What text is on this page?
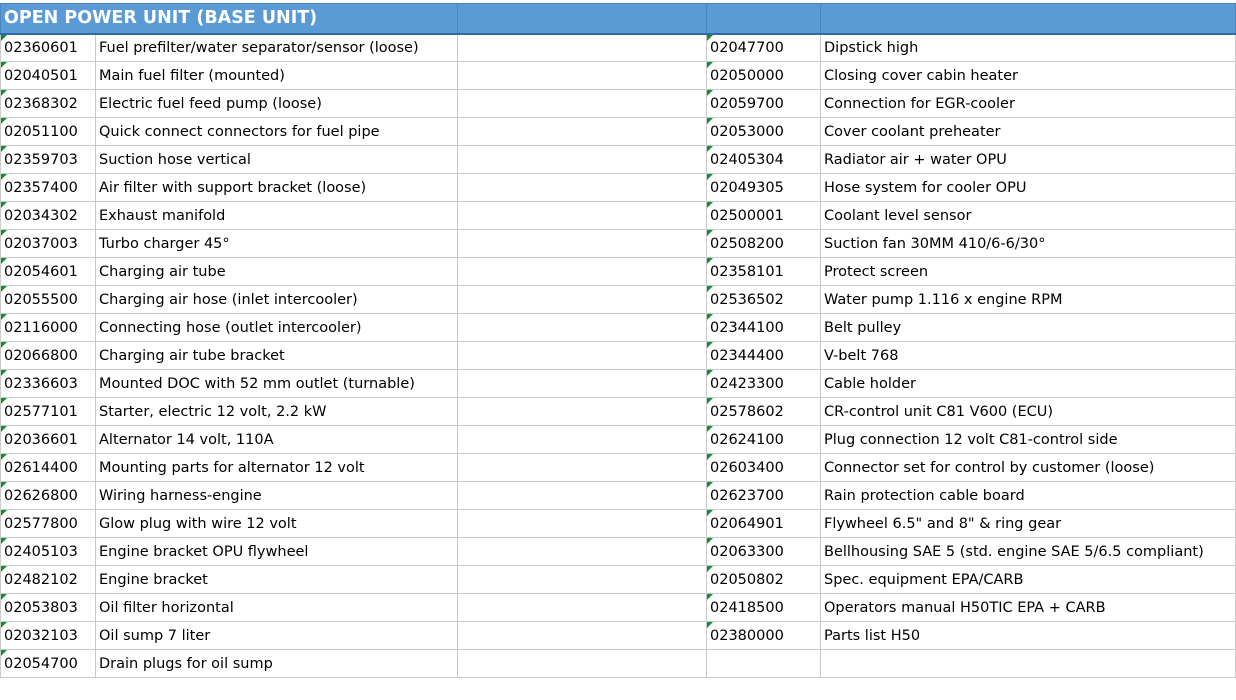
OPEN POWER UNIT (BASE UNIT)				
02360601	Fuel prefilter/water separator/sensor (loose)		02047700	Dipstick high
02040501	Main fuel filter (mounted)		02050000	Closing cover cabin heater
02368302	Electric fuel feed pump (loose)		02059700	Connection for EGR-cooler
02051100	Quick connect connectors for fuel pipe		02053000	Cover coolant preheater
02359703	Suction hose vertical		02405304	Radiator air + water OPU
02357400	Air filter with support bracket (loose)		02049305	Hose system for cooler OPU
02034302	Exhaust manifold		02500001	Coolant level sensor
02037003	Turbo charger 45°		02508200	Suction fan 30MM 410/6-6/30°
02054601	Charging air tube		02358101	Protect screen
02055500	Charging air hose (inlet intercooler)		02536502	Water pump 1.116 x engine RPM
02116000	Connecting hose (outlet intercooler)		02344100	Belt pulley
02066800	Charging air tube bracket		02344400	V-belt 768
02336603	Mounted DOC with 52 mm outlet (turnable)		02423300	Cable holder
02577101	Starter, electric 12 volt, 2.2 kW		02578602	CR-control unit C81 V600 (ECU)
02036601	Alternator 14 volt, 110A		02624100	Plug connection 12 volt C81-control side
02614400	Mounting parts for alternator 12 volt		02603400	Connector set for control by customer (loose)
02626800	Wiring harness-engine		02623700	Rain protection cable board
02577800	Glow plug with wire 12 volt		02064901	Flywheel 6.5" and 8" & ring gear
02405103	Engine bracket OPU flywheel		02063300	Bellhousing SAE 5 (std. engine SAE 5/6.5 compliant)
02482102	Engine bracket		02050802	Spec. equipment EPA/CARB
02053803	Oil filter horizontal		02418500	Operators manual H50TIC EPA + CARB
02032103	Oil sump 7 liter		02380000	Parts list H50
02054700	Drain plugs for oil sump			
